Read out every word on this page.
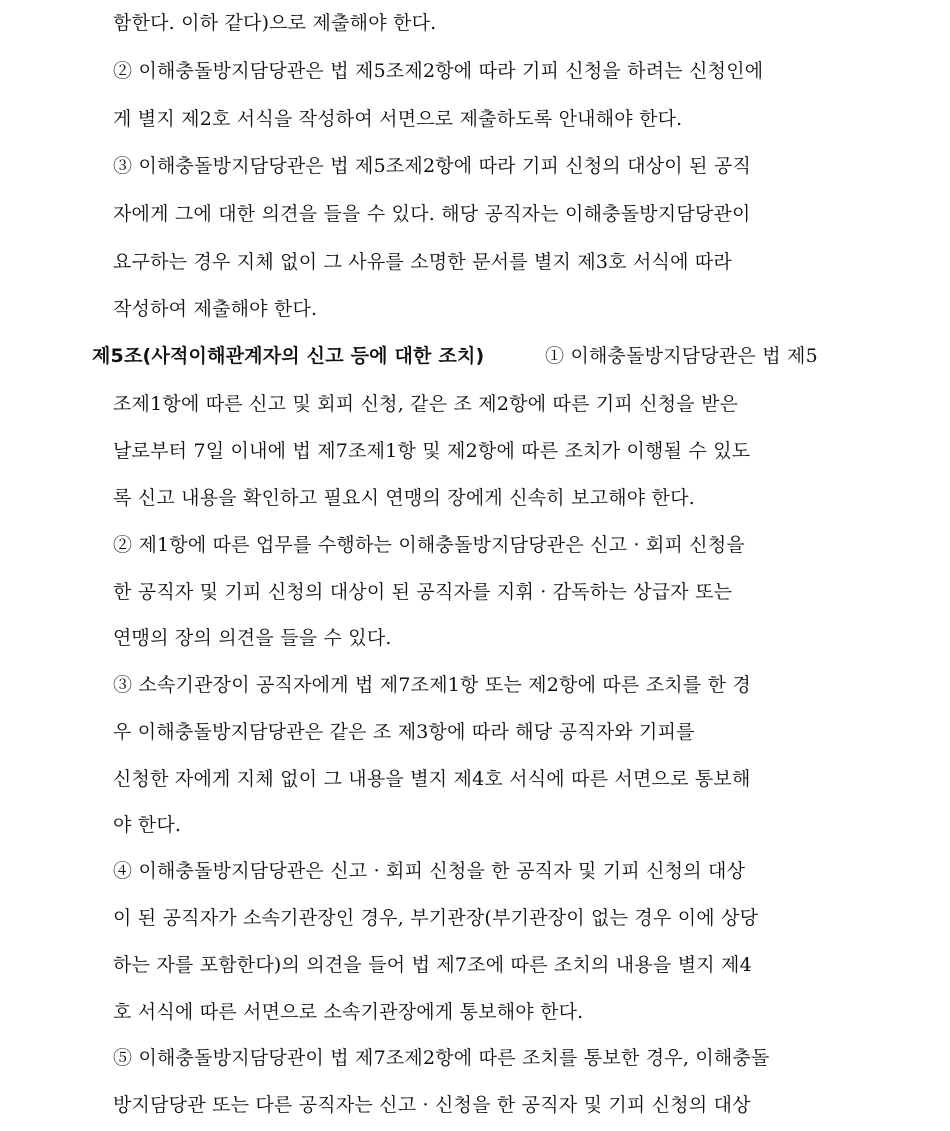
함한다. 이하 같다)으로 제출해야 한다.
② 이해충돌방지담당관은 법 제5조제2항에 따라 기피 신청을 하려는 신청인에
게 별지 제2호 서식을 작성하여 서면으로 제출하도록 안내해야 한다.
③ 이해충돌방지담당관은 법 제5조제2항에 따라 기피 신청의 대상이 된 공직
자에게 그에 대한 의견을 들을 수 있다. 해당 공직자는 이해충돌방지담당관이
요구하는 경우 지체 없이 그 사유를 소명한 문서를 별지 제3호 서식에 따라
작성하여 제출해야 한다.
제5조(사적이해관계자의 신고 등에 대한 조치)	① 이해충돌방지담당관은 법 제5
조제1항에 따른 신고 및 회피 신청, 같은 조 제2항에 따른 기피 신청을 받은
날로부터 7일 이내에 법 제7조제1항 및 제2항에 따른 조치가 이행될 수 있도
록 신고 내용을 확인하고 필요시 연맹의 장에게 신속히 보고해야 한다.
② 제1항에 따른 업무를 수행하는 이해충돌방지담당관은 신고 · 회피 신청을
한 공직자 및 기피 신청의 대상이 된 공직자를 지휘 · 감독하는 상급자 또는
연맹의 장의 의견을 들을 수 있다.
③ 소속기관장이 공직자에게 법 제7조제1항 또는 제2항에 따른 조치를 한 경
우 이해충돌방지담당관은 같은 조 제3항에 따라 해당 공직자와 기피를
신청한 자에게 지체 없이 그 내용을 별지 제4호 서식에 따른 서면으로 통보해
야 한다.
④ 이해충돌방지담당관은 신고 · 회피 신청을 한 공직자 및 기피 신청의 대상
이 된 공직자가 소속기관장인 경우, 부기관장(부기관장이 없는 경우 이에 상당
하는 자를 포함한다)의 의견을 들어 법 제7조에 따른 조치의 내용을 별지 제4
호 서식에 따른 서면으로 소속기관장에게 통보해야 한다.
⑤ 이해충돌방지담당관이 법 제7조제2항에 따른 조치를 통보한 경우, 이해충돌
방지담당관 또는 다른 공직자는 신고 · 신청을 한 공직자 및 기피 신청의 대상
